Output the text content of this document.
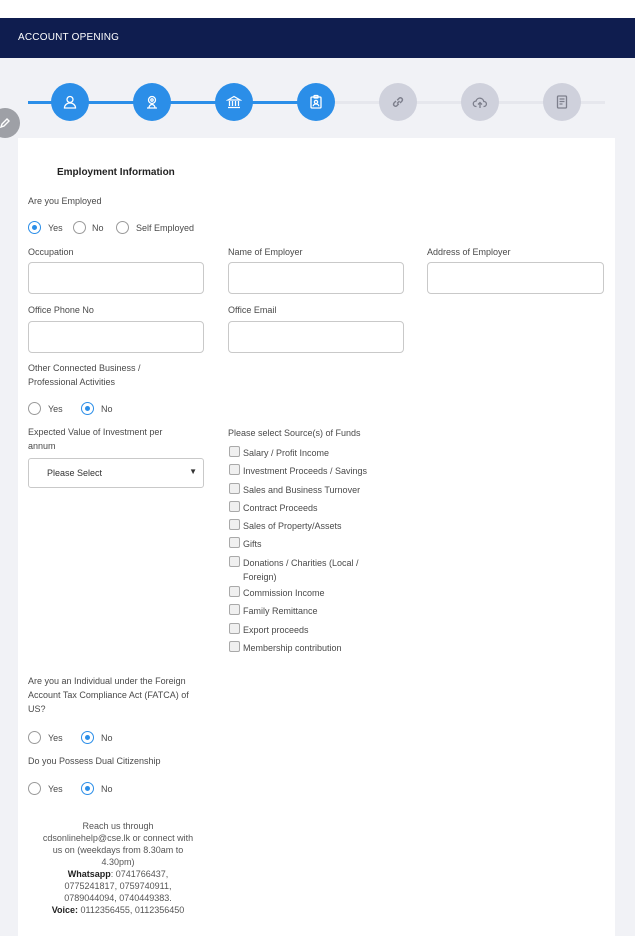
ACCOUNT OPENING
Employment Information
Are you Employed
Yes	No	Self Employed
Occupation	Name of Employer	Address of Employer
Office Phone No	Office Email
Other Connected Business /
Professional Activities
Yes	No
Expected Value of Investment per
annum
Please Select	▼
Please select Source(s) of Funds
Salary / Profit Income
Investment Proceeds / Savings
Sales and Business Turnover
Contract Proceeds
Sales of Property/Assets
Gifts
Donations / Charities (Local /
Foreign)
Commission Income
Family Remittance
Export proceeds
Membership contribution
Are you an Individual under the Foreign
Account Tax Compliance Act (FATCA) of
US?
Yes	No
Do you Possess Dual Citizenship
Yes	No
Reach us through
cdsonlinehelp@cse.lk or connect with
us on (weekdays from 8.30am to
4.30pm)
Whatsapp: 0741766437,
0775241817, 0759740911,
0789044094, 0740449383.
Voice: 0112356455, 0112356450
